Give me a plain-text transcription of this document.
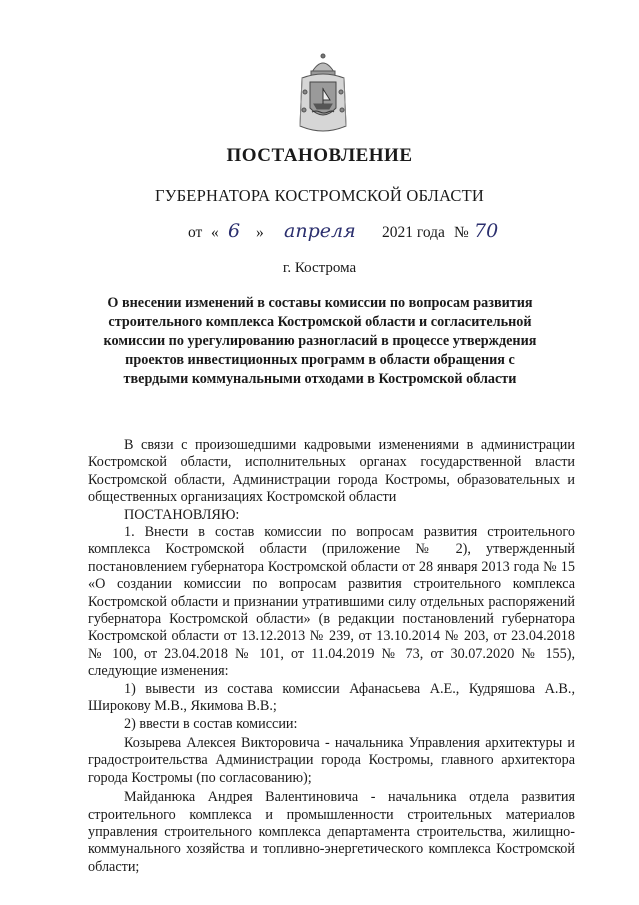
ПОСТАНОВЛЕНИЕ
ГУБЕРНАТОРА КОСТРОМСКОЙ ОБЛАСТИ
от « 6 » апреля 2021 года № 70
г. Кострома
О внесении изменений в составы комиссии по вопросам развития строительного комплекса Костромской области и согласительной комиссии по урегулированию разногласий в процессе утверждения проектов инвестиционных программ в области обращения с твердыми коммунальными отходами в Костромской области

В связи с произошедшими кадровыми изменениями в администрации Костромской области, исполнительных органах государственной власти Костромской области, Администрации города Костромы, образовательных и общественных организациях Костромской области

ПОСТАНОВЛЯЮ:

1. Внести в состав комиссии по вопросам развития строительного комплекса Костромской области (приложение № 2), утвержденный постановлением губернатора Костромской области от 28 января 2013 года № 15 «О создании комиссии по вопросам развития строительного комплекса Костромской области и признании утратившими силу отдельных распоряжений губернатора Костромской области» (в редакции постановлений губернатора Костромской области от 13.12.2013 № 239, от 13.10.2014 № 203, от 23.04.2018 № 100, от 23.04.2018 № 101, от 11.04.2019 № 73, от 30.07.2020 № 155), следующие изменения:

1) вывести из состава комиссии Афанасьева А.Е., Кудряшова А.В., Широкову М.В., Якимова В.В.;

2) ввести в состав комиссии:

Козырева Алексея Викторовича - начальника Управления архитектуры и градостроительства Администрации города Костромы, главного архитектора города Костромы (по согласованию);

Майданюка Андрея Валентиновича - начальника отдела развития строительного комплекса и промышленности строительных материалов управления строительного комплекса департамента строительства, жилищно-коммунального хозяйства и топливно-энергетического комплекса Костромской области;
